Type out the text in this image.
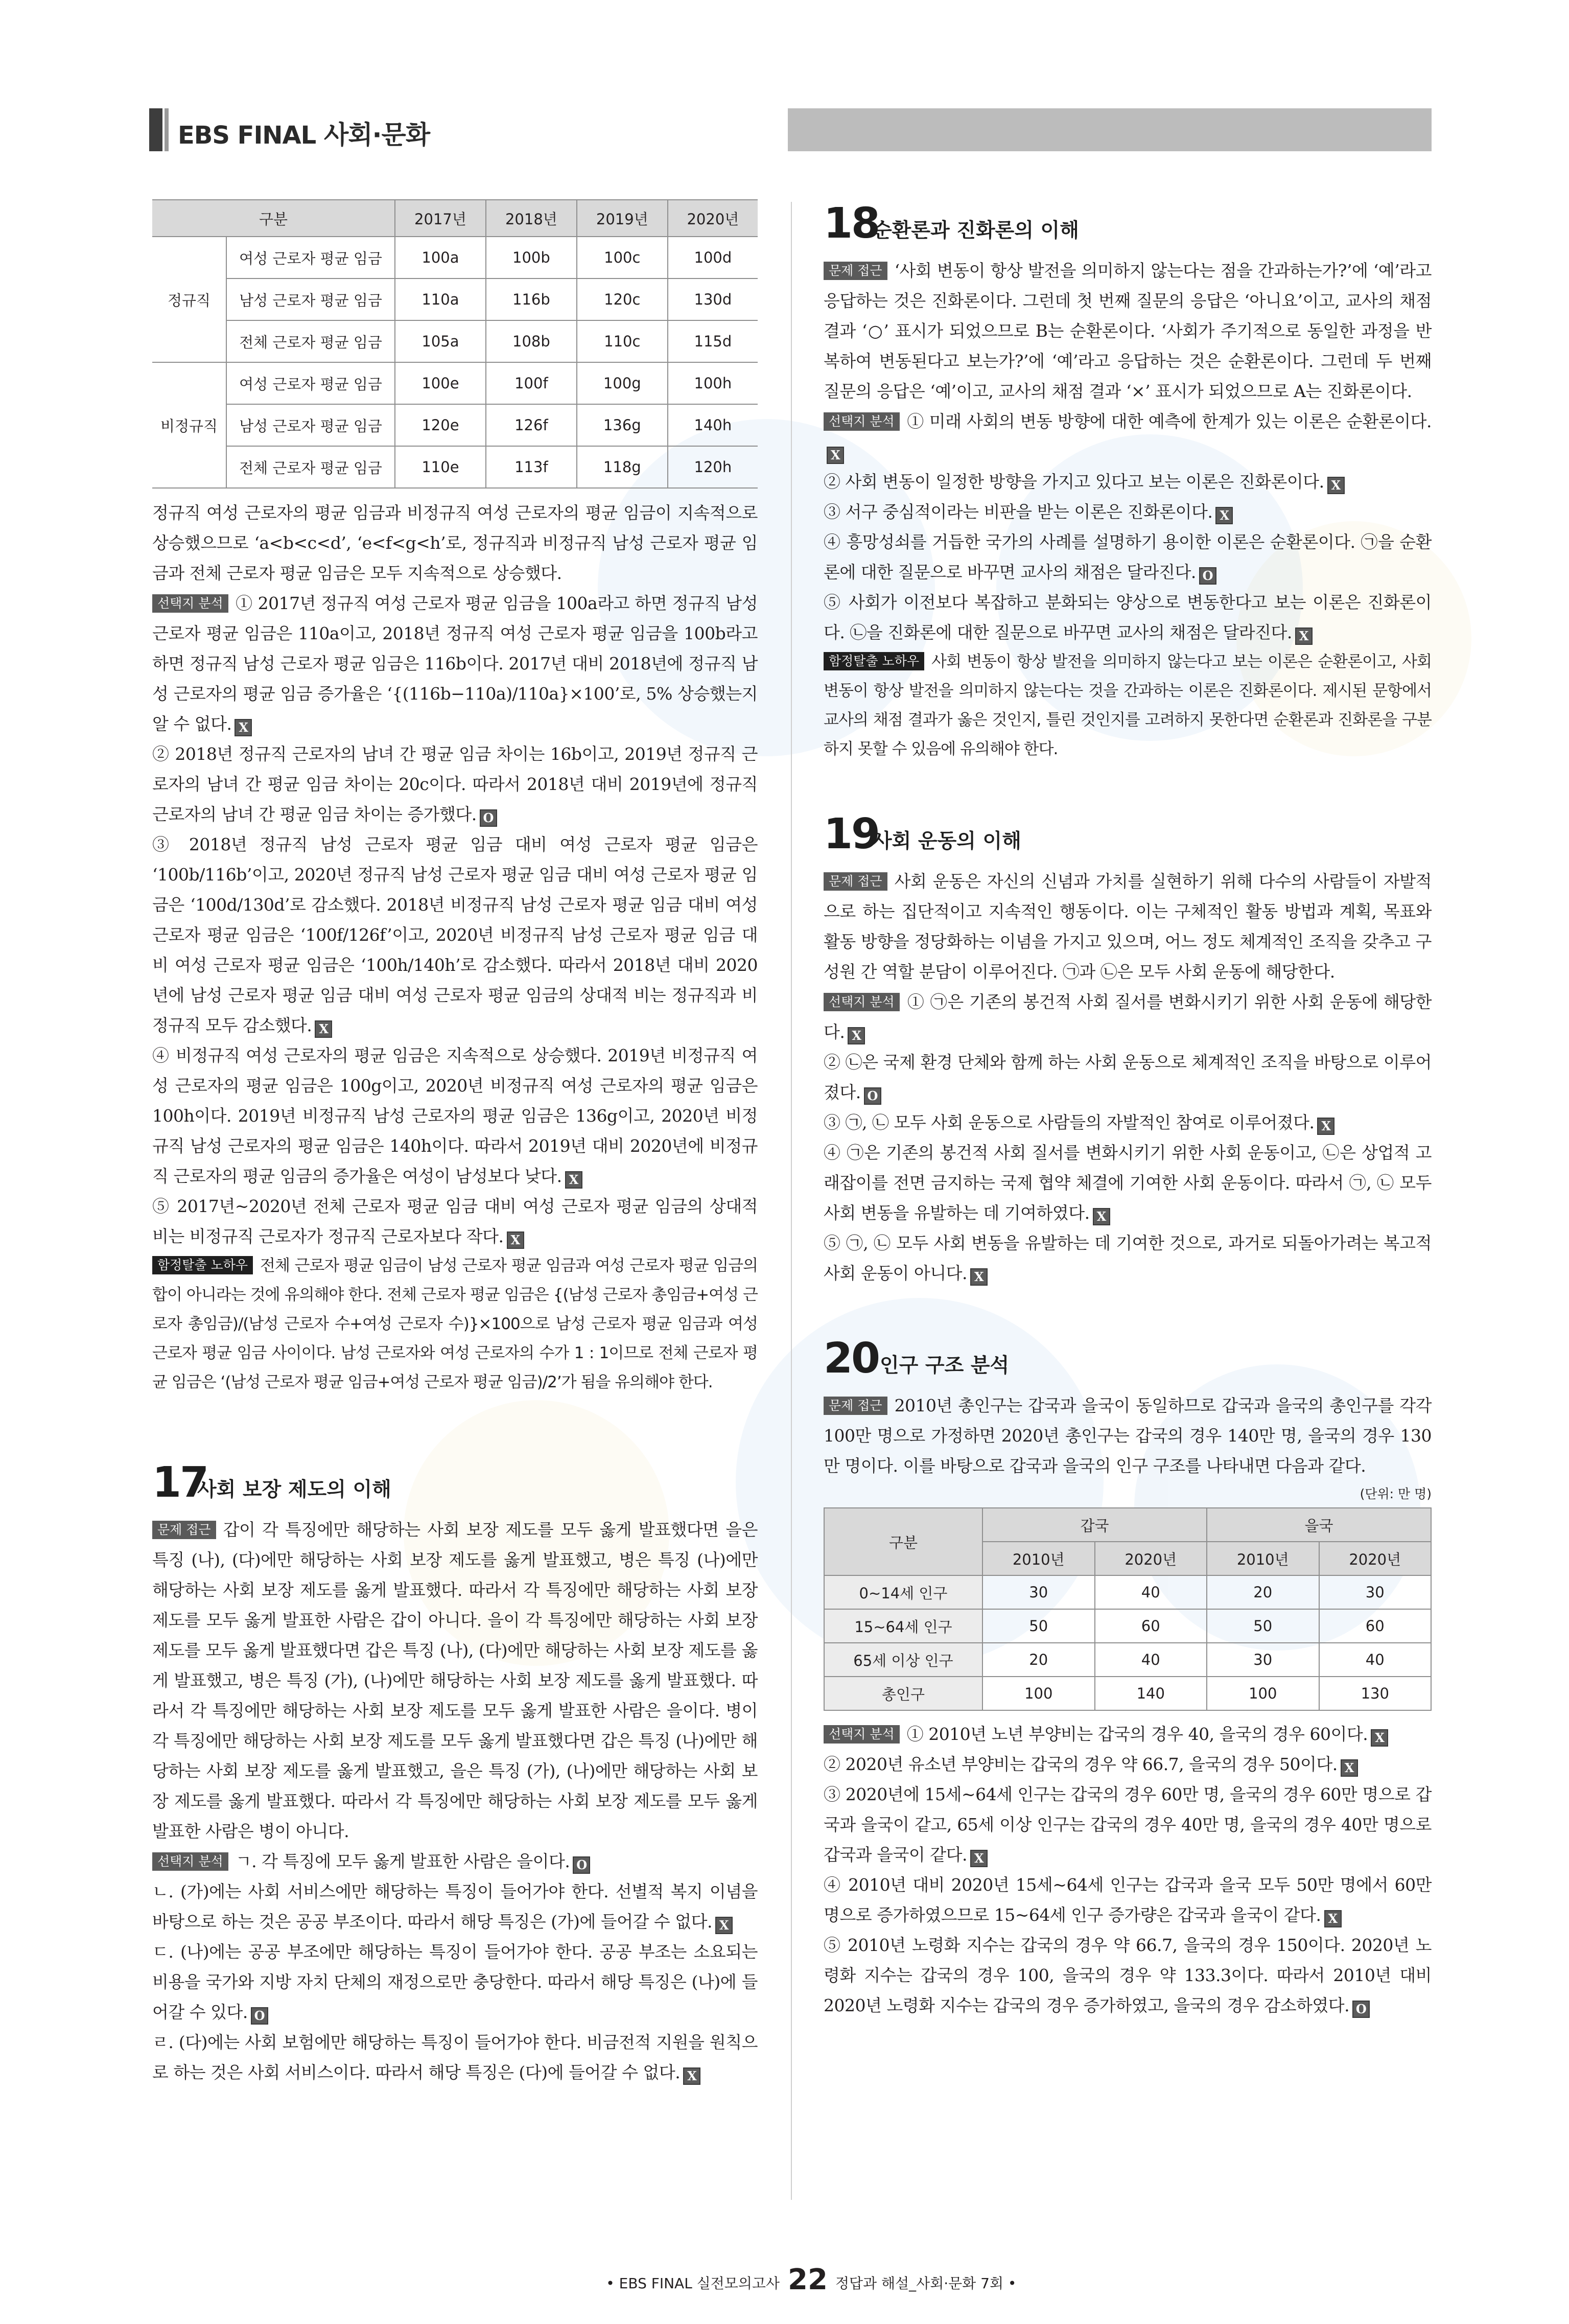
EBS FINAL 사회·문화
구분		2017년	2018년	2019년	2020년
정규직	여성 근로자 평균 임금	100a	100b	100c	100d
	남성 근로자 평균 임금	110a	116b	120c	130d
	전체 근로자 평균 임금	105a	108b	110c	115d
비정규직	여성 근로자 평균 임금	100e	100f	100g	100h
	남성 근로자 평균 임금	120e	126f	136g	140h
	전체 근로자 평균 임금	110e	113f	118g	120h

정규직 여성 근로자의 평균 임금과 비정규직 여성 근로자의 평균 임금이 지속적으로 상승했으므로 ‘a<b<c<d’, ‘e<f<g<h’로, 정규직과 비정규직 남성 근로자 평균 임금과 전체 근로자 평균 임금은 모두 지속적으로 상승했다.

선택지 분석 ① 2017년 정규직 여성 근로자 평균 임금을 100a라고 하면 정규직 남성 근로자 평균 임금은 110a이고, 2018년 정규직 여성 근로자 평균 임금을 100b라고 하면 정규직 남성 근로자 평균 임금은 116b이다. 2017년 대비 2018년에 정규직 남성 근로자의 평균 임금 증가율은 ‘{(116b−110a)/110a}×100’로, 5% 상승했는지 알 수 없다. X

② 2018년 정규직 근로자의 남녀 간 평균 임금 차이는 16b이고, 2019년 정규직 근로자의 남녀 간 평균 임금 차이는 20c이다. 따라서 2018년 대비 2019년에 정규직 근로자의 남녀 간 평균 임금 차이는 증가했다. O

③ 2018년 정규직 남성 근로자 평균 임금 대비 여성 근로자 평균 임금은 ‘100b/116b’이고, 2020년 정규직 남성 근로자 평균 임금 대비 여성 근로자 평균 임금은 ‘100d/130d’로 감소했다. 2018년 비정규직 남성 근로자 평균 임금 대비 여성 근로자 평균 임금은 ‘100f/126f’이고, 2020년 비정규직 남성 근로자 평균 임금 대비 여성 근로자 평균 임금은 ‘100h/140h’로 감소했다. 따라서 2018년 대비 2020년에 남성 근로자 평균 임금 대비 여성 근로자 평균 임금의 상대적 비는 정규직과 비정규직 모두 감소했다. X

④ 비정규직 여성 근로자의 평균 임금은 지속적으로 상승했다. 2019년 비정규직 여성 근로자의 평균 임금은 100g이고, 2020년 비정규직 여성 근로자의 평균 임금은 100h이다. 2019년 비정규직 남성 근로자의 평균 임금은 136g이고, 2020년 비정규직 남성 근로자의 평균 임금은 140h이다. 따라서 2019년 대비 2020년에 비정규직 근로자의 평균 임금의 증가율은 여성이 남성보다 낮다. X

⑤ 2017년~2020년 전체 근로자 평균 임금 대비 여성 근로자 평균 임금의 상대적 비는 비정규직 근로자가 정규직 근로자보다 작다. X

함정탈출 노하우 전체 근로자 평균 임금이 남성 근로자 평균 임금과 여성 근로자 평균 임금의 합이 아니라는 것에 유의해야 한다. 전체 근로자 평균 임금은 {(남성 근로자 총임금+여성 근로자 총임금)/(남성 근로자 수+여성 근로자 수)}×100으로 남성 근로자 평균 임금과 여성 근로자 평균 임금 사이이다. 남성 근로자와 여성 근로자의 수가 1 : 1이므로 전체 근로자 평균 임금은 ‘(남성 근로자 평균 임금+여성 근로자 평균 임금)/2’가 됨을 유의해야 한다.

17
사회 보장 제도의 이해

문제 접근 갑이 각 특징에만 해당하는 사회 보장 제도를 모두 옳게 발표했다면 을은 특징 (나), (다)에만 해당하는 사회 보장 제도를 옳게 발표했고, 병은 특징 (나)에만 해당하는 사회 보장 제도를 옳게 발표했다. 따라서 각 특징에만 해당하는 사회 보장 제도를 모두 옳게 발표한 사람은 갑이 아니다. 을이 각 특징에만 해당하는 사회 보장 제도를 모두 옳게 발표했다면 갑은 특징 (나), (다)에만 해당하는 사회 보장 제도를 옳게 발표했고, 병은 특징 (가), (나)에만 해당하는 사회 보장 제도를 옳게 발표했다. 따라서 각 특징에만 해당하는 사회 보장 제도를 모두 옳게 발표한 사람은 을이다. 병이 각 특징에만 해당하는 사회 보장 제도를 모두 옳게 발표했다면 갑은 특징 (나)에만 해당하는 사회 보장 제도를 옳게 발표했고, 을은 특징 (가), (나)에만 해당하는 사회 보장 제도를 옳게 발표했다. 따라서 각 특징에만 해당하는 사회 보장 제도를 모두 옳게 발표한 사람은 병이 아니다.

선택지 분석 ㄱ. 각 특징에 모두 옳게 발표한 사람은 을이다. O

ㄴ. (가)에는 사회 서비스에만 해당하는 특징이 들어가야 한다. 선별적 복지 이념을 바탕으로 하는 것은 공공 부조이다. 따라서 해당 특징은 (가)에 들어갈 수 없다. X

ㄷ. (나)에는 공공 부조에만 해당하는 특징이 들어가야 한다. 공공 부조는 소요되는 비용을 국가와 지방 자치 단체의 재정으로만 충당한다. 따라서 해당 특징은 (나)에 들어갈 수 있다. O

ㄹ. (다)에는 사회 보험에만 해당하는 특징이 들어가야 한다. 비금전적 지원을 원칙으로 하는 것은 사회 서비스이다. 따라서 해당 특징은 (다)에 들어갈 수 없다. X

18
순환론과 진화론의 이해

문제 접근 ‘사회 변동이 항상 발전을 의미하지 않는다는 점을 간과하는가?’에 ‘예’라고 응답하는 것은 진화론이다. 그런데 첫 번째 질문의 응답은 ‘아니요’이고, 교사의 채점 결과 ‘○’ 표시가 되었으므로 B는 순환론이다. ‘사회가 주기적으로 동일한 과정을 반복하여 변동된다고 보는가?’에 ‘예’라고 응답하는 것은 순환론이다. 그런데 두 번째 질문의 응답은 ‘예’이고, 교사의 채점 결과 ‘×’ 표시가 되었으므로 A는 진화론이다.

선택지 분석 ① 미래 사회의 변동 방향에 대한 예측에 한계가 있는 이론은 순환론이다.X

② 사회 변동이 일정한 방향을 가지고 있다고 보는 이론은 진화론이다. X

③ 서구 중심적이라는 비판을 받는 이론은 진화론이다. X

④ 흥망성쇠를 거듭한 국가의 사례를 설명하기 용이한 이론은 순환론이다. ㉠을 순환론에 대한 질문으로 바꾸면 교사의 채점은 달라진다. O

⑤ 사회가 이전보다 복잡하고 분화되는 양상으로 변동한다고 보는 이론은 진화론이다. ㉡을 진화론에 대한 질문으로 바꾸면 교사의 채점은 달라진다. X

함정탈출 노하우 사회 변동이 항상 발전을 의미하지 않는다고 보는 이론은 순환론이고, 사회 변동이 항상 발전을 의미하지 않는다는 것을 간과하는 이론은 진화론이다. 제시된 문항에서 교사의 채점 결과가 옳은 것인지, 틀린 것인지를 고려하지 못한다면 순환론과 진화론을 구분하지 못할 수 있음에 유의해야 한다.

19
사회 운동의 이해

문제 접근 사회 운동은 자신의 신념과 가치를 실현하기 위해 다수의 사람들이 자발적으로 하는 집단적이고 지속적인 행동이다. 이는 구체적인 활동 방법과 계획, 목표와 활동 방향을 정당화하는 이념을 가지고 있으며, 어느 정도 체계적인 조직을 갖추고 구성원 간 역할 분담이 이루어진다. ㉠과 ㉡은 모두 사회 운동에 해당한다.

선택지 분석 ① ㉠은 기존의 봉건적 사회 질서를 변화시키기 위한 사회 운동에 해당한다. X

② ㉡은 국제 환경 단체와 함께 하는 사회 운동으로 체계적인 조직을 바탕으로 이루어졌다. O

③ ㉠, ㉡ 모두 사회 운동으로 사람들의 자발적인 참여로 이루어졌다. X

④ ㉠은 기존의 봉건적 사회 질서를 변화시키기 위한 사회 운동이고, ㉡은 상업적 고래잡이를 전면 금지하는 국제 협약 체결에 기여한 사회 운동이다. 따라서 ㉠, ㉡ 모두 사회 변동을 유발하는 데 기여하였다. X

⑤ ㉠, ㉡ 모두 사회 변동을 유발하는 데 기여한 것으로, 과거로 되돌아가려는 복고적 사회 운동이 아니다. X

20 인구 구조 분석

문제 접근 2010년 총인구는 갑국과 을국이 동일하므로 갑국과 을국의 총인구를 각각 100만 명으로 가정하면 2020년 총인구는 갑국의 경우 140만 명, 을국의 경우 130만 명이다. 이를 바탕으로 갑국과 을국의 인구 구조를 나타내면 다음과 같다.

(단위: 만 명)
구분	갑국		을국	
	2010년	2020년	2010년	2020년
0~14세 인구	30	40	20	30
15~64세 인구	50	60	50	60
65세 이상 인구	20	40	30	40
총인구	100	140	100	130

선택지 분석 ① 2010년 노년 부양비는 갑국의 경우 40, 을국의 경우 60이다. X

② 2020년 유소년 부양비는 갑국의 경우 약 66.7, 을국의 경우 50이다. X

③ 2020년에 15세~64세 인구는 갑국의 경우 60만 명, 을국의 경우 60만 명으로 갑국과 을국이 같고, 65세 이상 인구는 갑국의 경우 40만 명, 을국의 경우 40만 명으로 갑국과 을국이 같다. X

④ 2010년 대비 2020년 15세~64세 인구는 갑국과 을국 모두 50만 명에서 60만 명으로 증가하였으므로 15~64세 인구 증가량은 갑국과 을국이 같다. X

⑤ 2010년 노령화 지수는 갑국의 경우 약 66.7, 을국의 경우 150이다. 2020년 노령화 지수는 갑국의 경우 100, 을국의 경우 약 133.3이다. 따라서 2010년 대비 2020년 노령화 지수는 갑국의 경우 증가하였고, 을국의 경우 감소하였다. O

• EBS FINAL 실전모의고사 22 정답과 해설_사회·문화 7회 •
